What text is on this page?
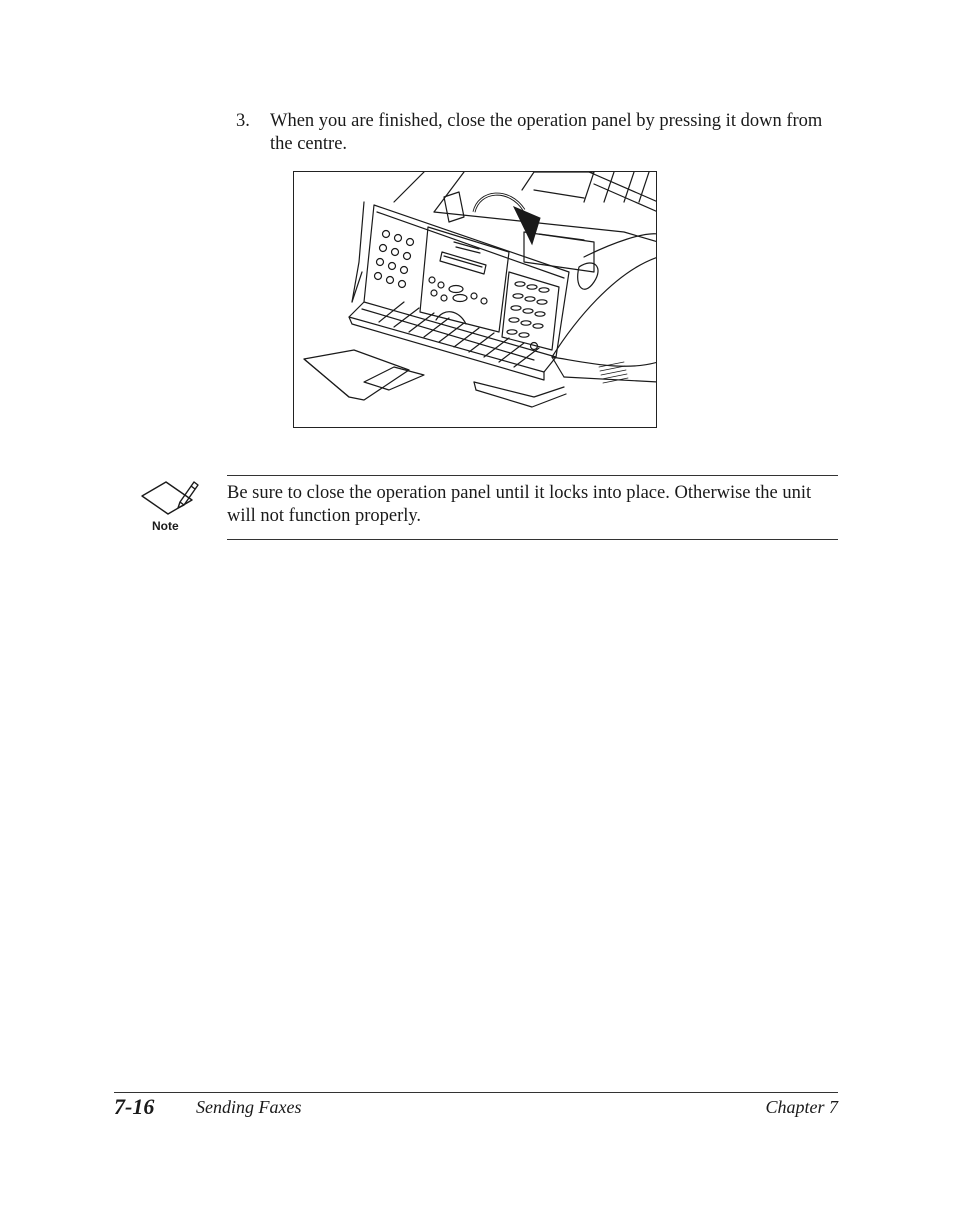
3. When you are finished, close the operation panel by pressing it down from the centre.
Note
Be sure to close the operation panel until it locks into place. Otherwise the unit will not function properly.
7-16 Sending Faxes	Chapter 7
